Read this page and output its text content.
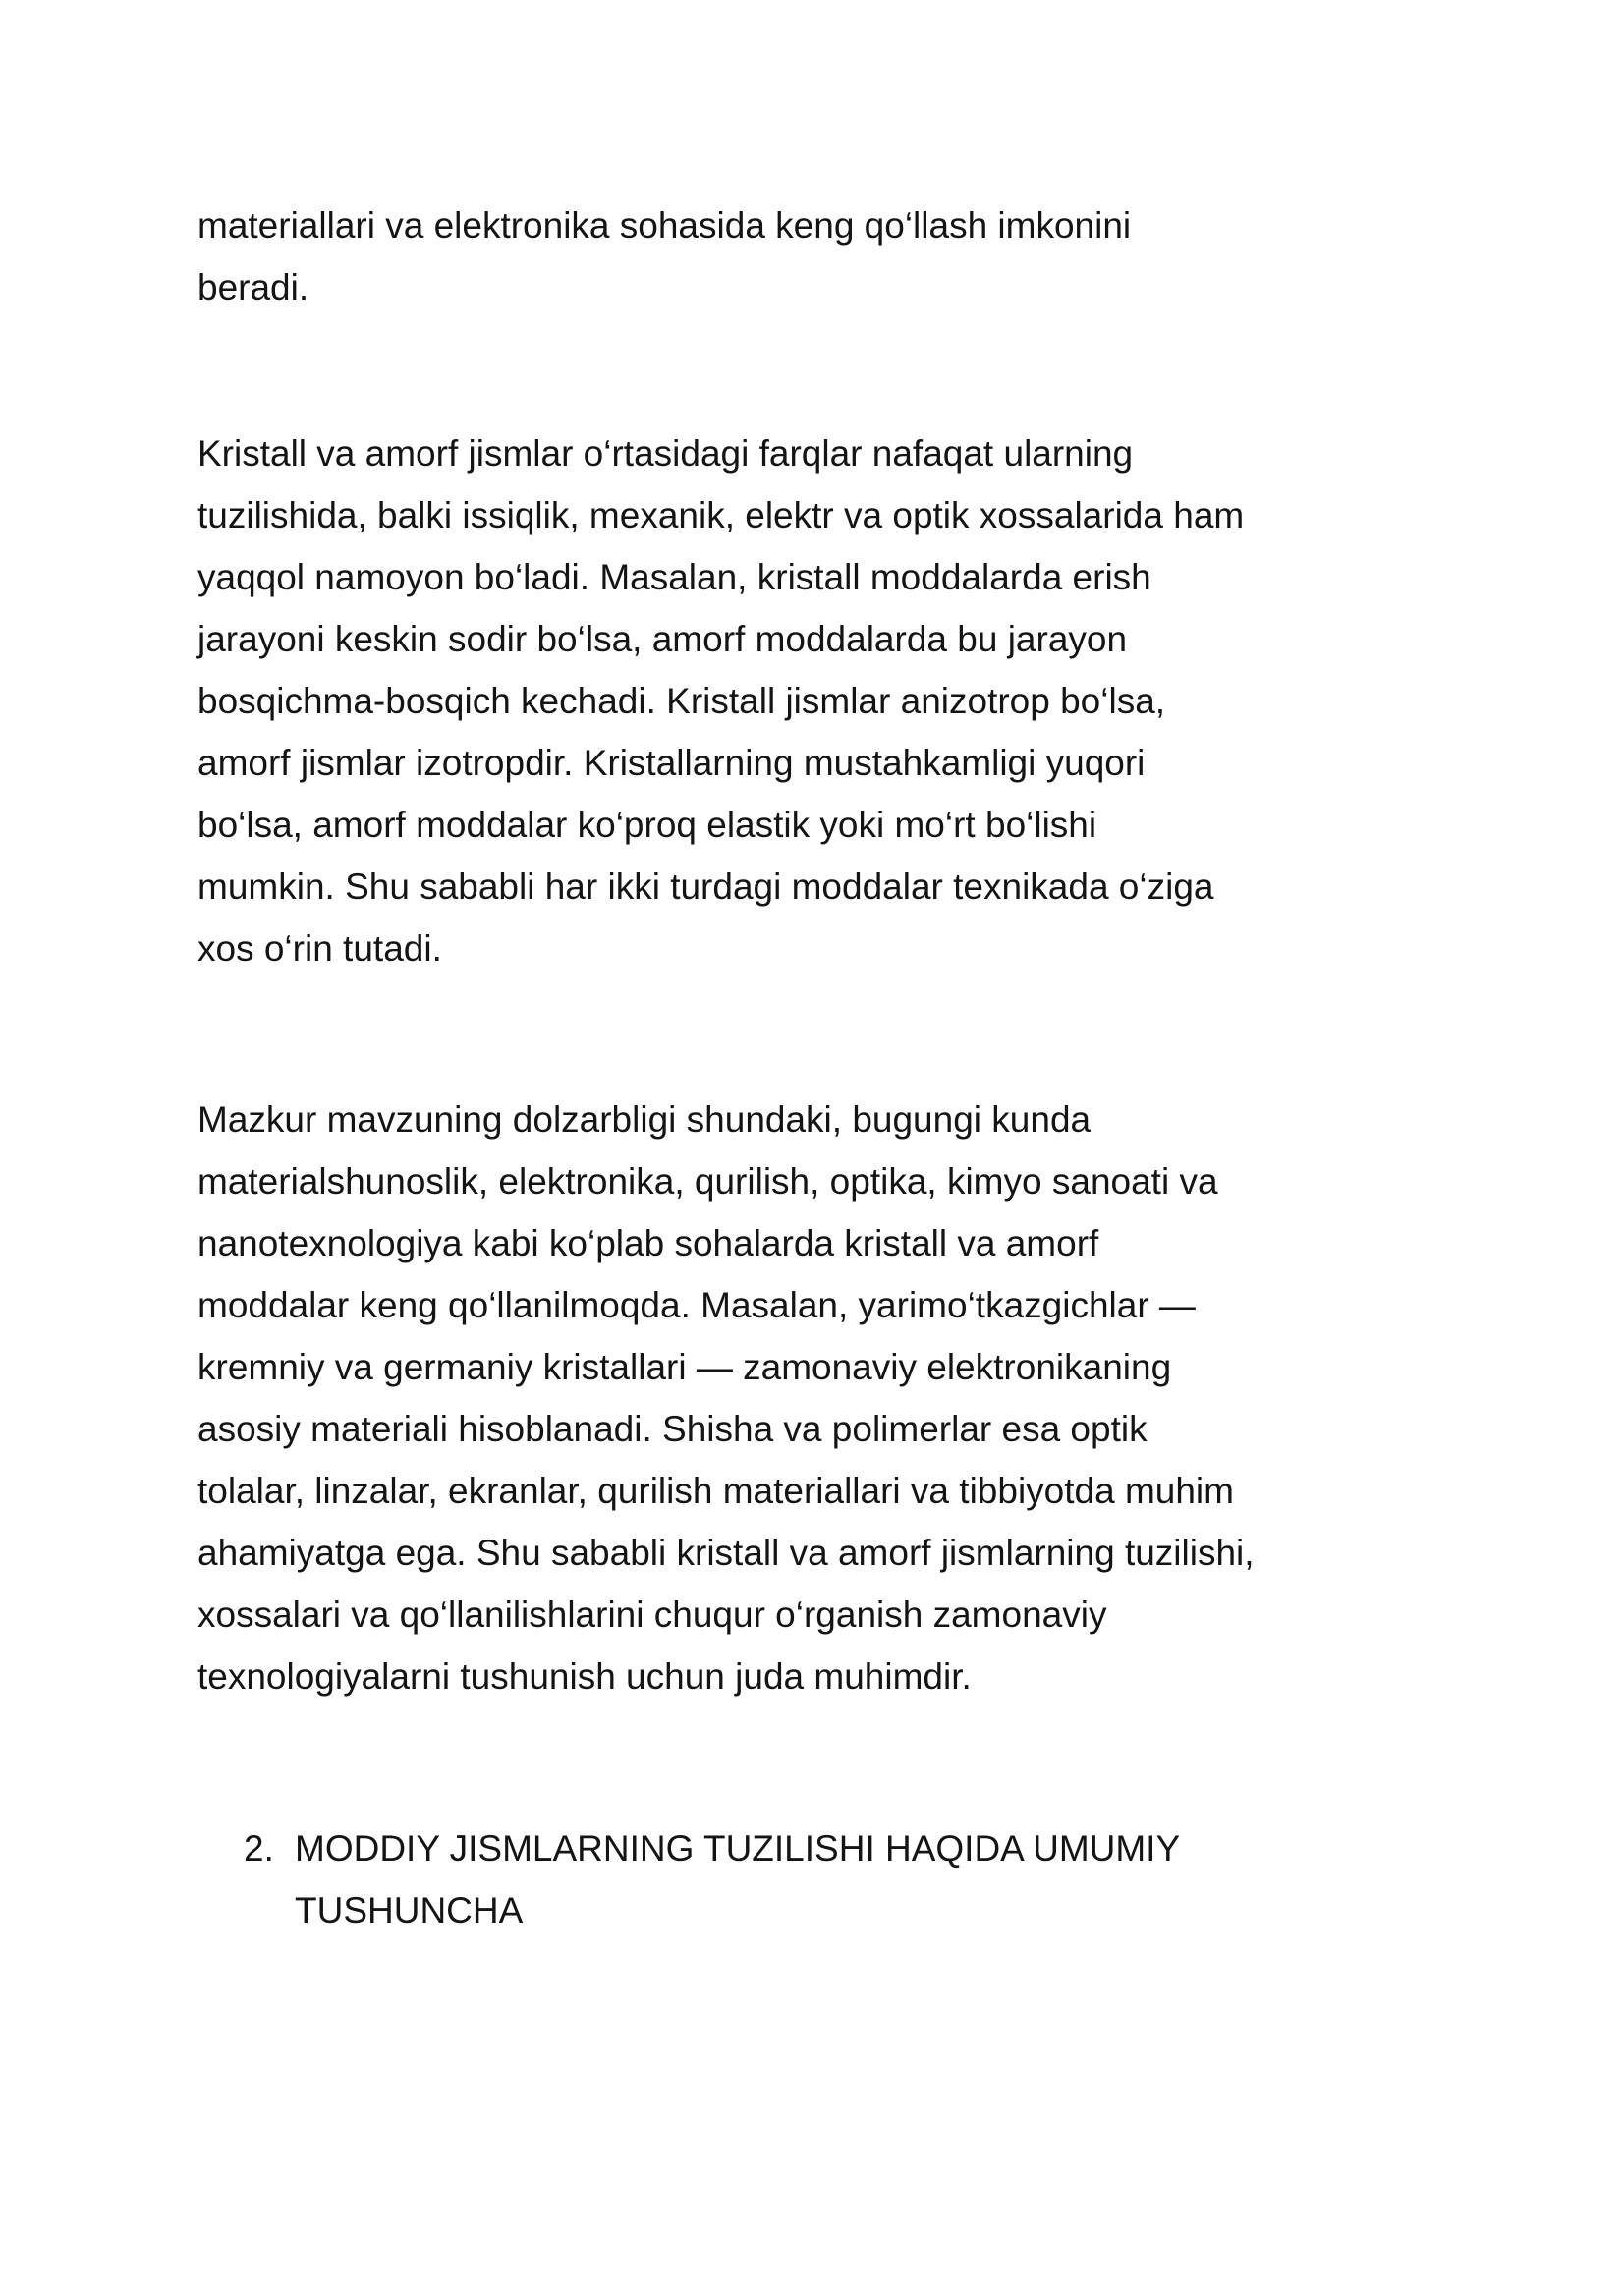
materiallari va elektronika sohasida keng qo‘llash imkonini
beradi.
Kristall va amorf jismlar o‘rtasidagi farqlar nafaqat ularning
tuzilishida, balki issiqlik, mexanik, elektr va optik xossalarida ham
yaqqol namoyon bo‘ladi. Masalan, kristall moddalarda erish
jarayoni keskin sodir bo‘lsa, amorf moddalarda bu jarayon
bosqichma-bosqich kechadi. Kristall jismlar anizotrop bo‘lsa,
amorf jismlar izotropdir. Kristallarning mustahkamligi yuqori
bo‘lsa, amorf moddalar ko‘proq elastik yoki mo‘rt bo‘lishi
mumkin. Shu sababli har ikki turdagi moddalar texnikada o‘ziga
xos o‘rin tutadi.
Mazkur mavzuning dolzarbligi shundaki, bugungi kunda
materialshunoslik, elektronika, qurilish, optika, kimyo sanoati va
nanotexnologiya kabi ko‘plab sohalarda kristall va amorf
moddalar keng qo‘llanilmoqda. Masalan, yarimo‘tkazgichlar —
kremniy va germaniy kristallari — zamonaviy elektronikaning
asosiy materiali hisoblanadi. Shisha va polimerlar esa optik
tolalar, linzalar, ekranlar, qurilish materiallari va tibbiyotda muhim
ahamiyatga ega. Shu sababli kristall va amorf jismlarning tuzilishi,
xossalari va qo‘llanilishlarini chuqur o‘rganish zamonaviy
texnologiyalarni tushunish uchun juda muhimdir.
2. MODDIY JISMLARNING TUZILISHI HAQIDA UMUMIY
TUSHUNCHA
